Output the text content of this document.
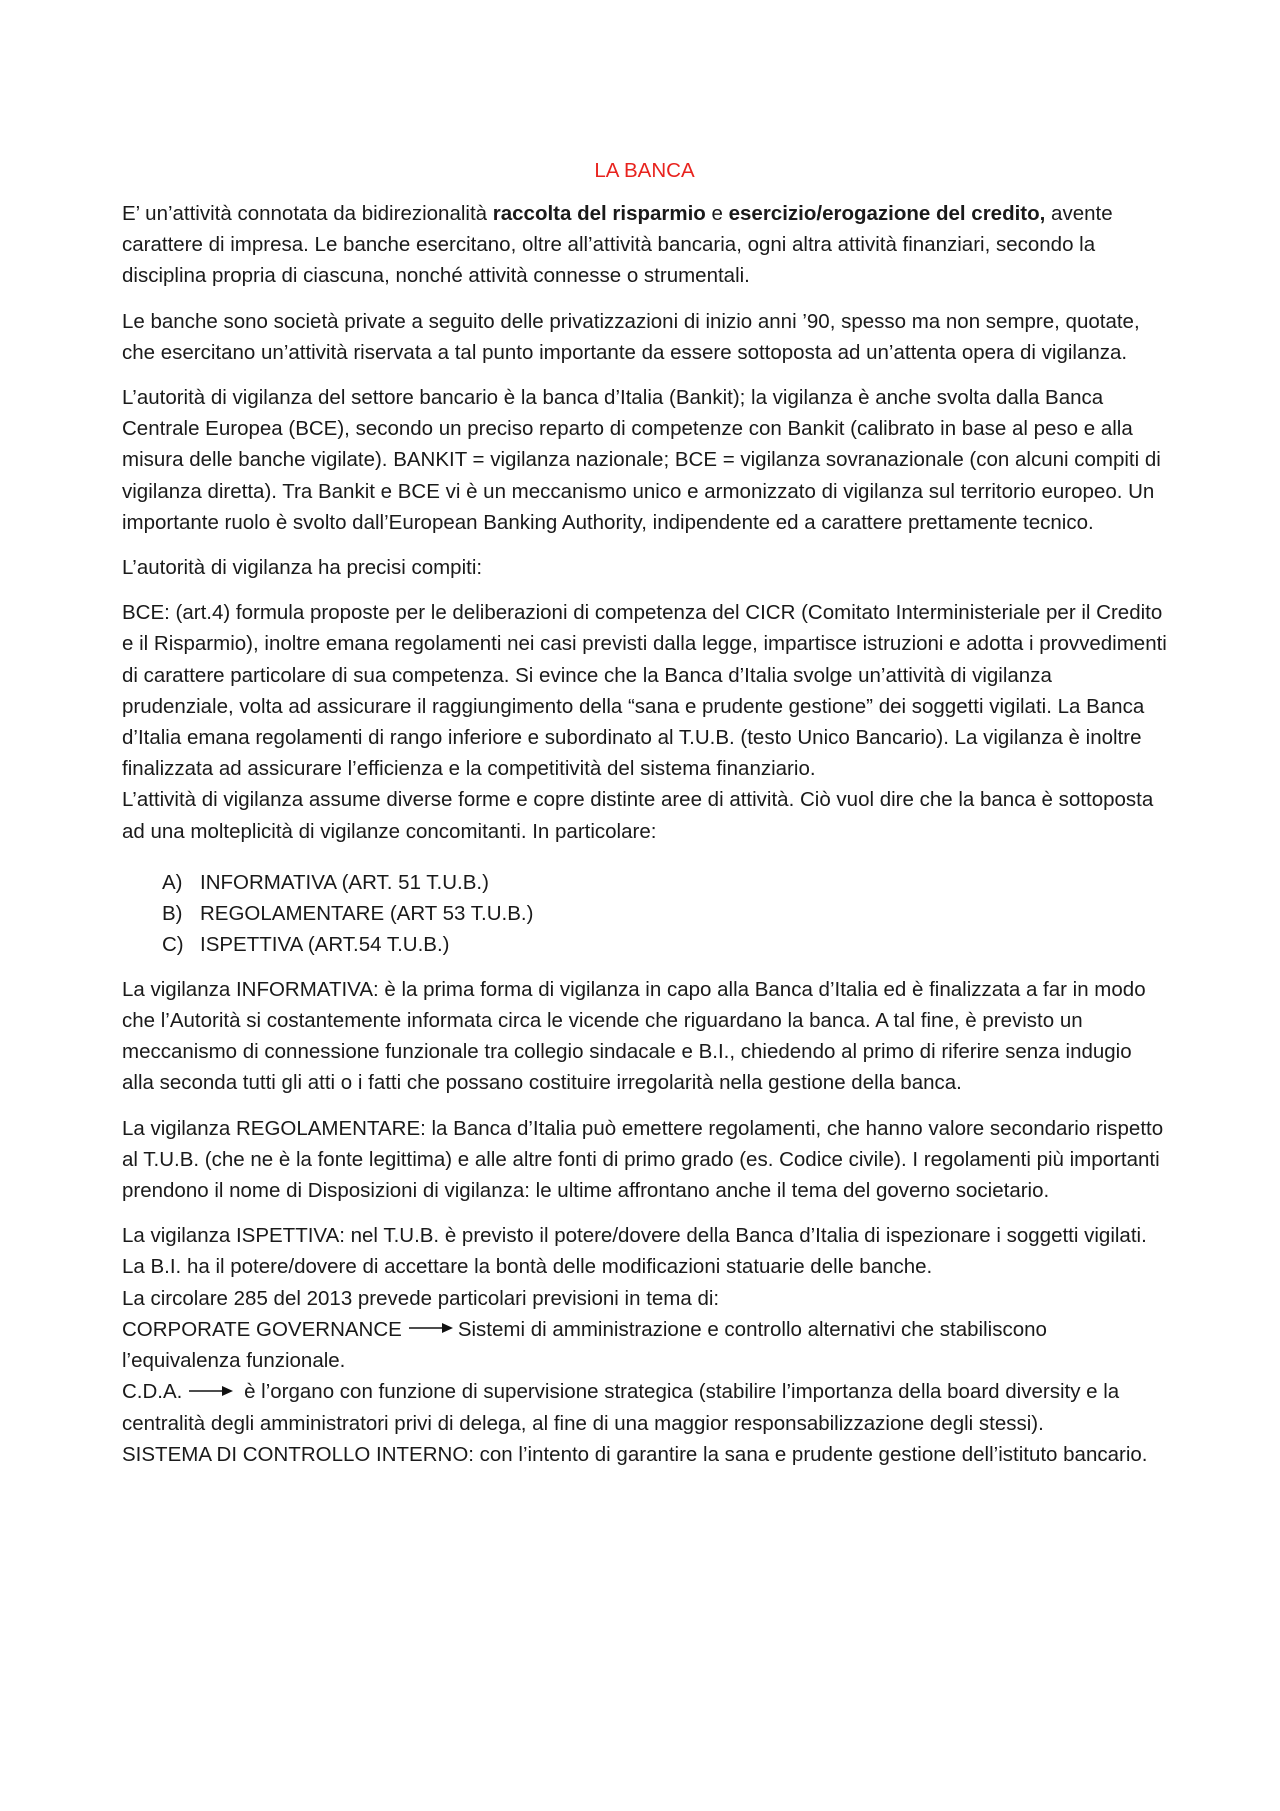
LA BANCA

E’ un’attività connotata da bidirezionalità raccolta del risparmio e esercizio/erogazione del credito, avente carattere di impresa. Le banche esercitano, oltre all’attività bancaria, ogni altra attività finanziari, secondo la disciplina propria di ciascuna, nonché attività connesse o strumentali.

Le banche sono società private a seguito delle privatizzazioni di inizio anni ’90, spesso ma non sempre, quotate, che esercitano un’attività riservata a tal punto importante da essere sottoposta ad un’attenta opera di vigilanza.

L’autorità di vigilanza del settore bancario è la banca d’Italia (Bankit); la vigilanza è anche svolta dalla Banca Centrale Europea (BCE), secondo un preciso reparto di competenze con Bankit (calibrato in base al peso e alla misura delle banche vigilate). BANKIT = vigilanza nazionale; BCE = vigilanza sovranazionale (con alcuni compiti di vigilanza diretta). Tra Bankit e BCE vi è un meccanismo unico e armonizzato di vigilanza sul territorio europeo. Un importante ruolo è svolto dall’European Banking Authority, indipendente ed a carattere prettamente tecnico.

L’autorità di vigilanza ha precisi compiti:

BCE: (art.4) formula proposte per le deliberazioni di competenza del CICR (Comitato Interministeriale per il Credito e il Risparmio), inoltre emana regolamenti nei casi previsti dalla legge, impartisce istruzioni e adotta i provvedimenti di carattere particolare di sua competenza. Si evince che la Banca d’Italia svolge un’attività di vigilanza prudenziale, volta ad assicurare il raggiungimento della “sana e prudente gestione” dei soggetti vigilati. La Banca d’Italia emana regolamenti di rango inferiore e subordinato al T.U.B. (testo Unico Bancario). La vigilanza è inoltre finalizzata ad assicurare l’efficienza e la competitività del sistema finanziario.

L’attività di vigilanza assume diverse forme e copre distinte aree di attività. Ciò vuol dire che la banca è sottoposta ad una molteplicità di vigilanze concomitanti. In particolare:

A) INFORMATIVA (ART. 51 T.U.B.)
B) REGOLAMENTARE (ART 53 T.U.B.)
C) ISPETTIVA (ART.54 T.U.B.)

La vigilanza INFORMATIVA: è la prima forma di vigilanza in capo alla Banca d’Italia ed è finalizzata a far in modo che l’Autorità si costantemente informata circa le vicende che riguardano la banca. A tal fine, è previsto un meccanismo di connessione funzionale tra collegio sindacale e B.I., chiedendo al primo di riferire senza indugio alla seconda tutti gli atti o i fatti che possano costituire irregolarità nella gestione della banca.

La vigilanza REGOLAMENTARE: la Banca d’Italia può emettere regolamenti, che hanno valore secondario rispetto al T.U.B. (che ne è la fonte legittima) e alle altre fonti di primo grado (es. Codice civile). I regolamenti più importanti prendono il nome di Disposizioni di vigilanza: le ultime affrontano anche il tema del governo societario.

La vigilanza ISPETTIVA: nel T.U.B. è previsto il potere/dovere della Banca d’Italia di ispezionare i soggetti vigilati. La B.I. ha il potere/dovere di accettare la bontà delle modificazioni statuarie delle banche.

La circolare 285 del 2013 prevede particolari previsioni in tema di:

CORPORATE GOVERNANCE	Sistemi di amministrazione e controllo alternativi che stabiliscono l’equivalenza funzionale.

C.D.A.	è l’organo con funzione di supervisione strategica (stabilire l’importanza della board diversity e la centralità degli amministratori privi di delega, al fine di una maggior responsabilizzazione degli stessi).

SISTEMA DI CONTROLLO INTERNO: con l’intento di garantire la sana e prudente gestione dell’istituto bancario.
